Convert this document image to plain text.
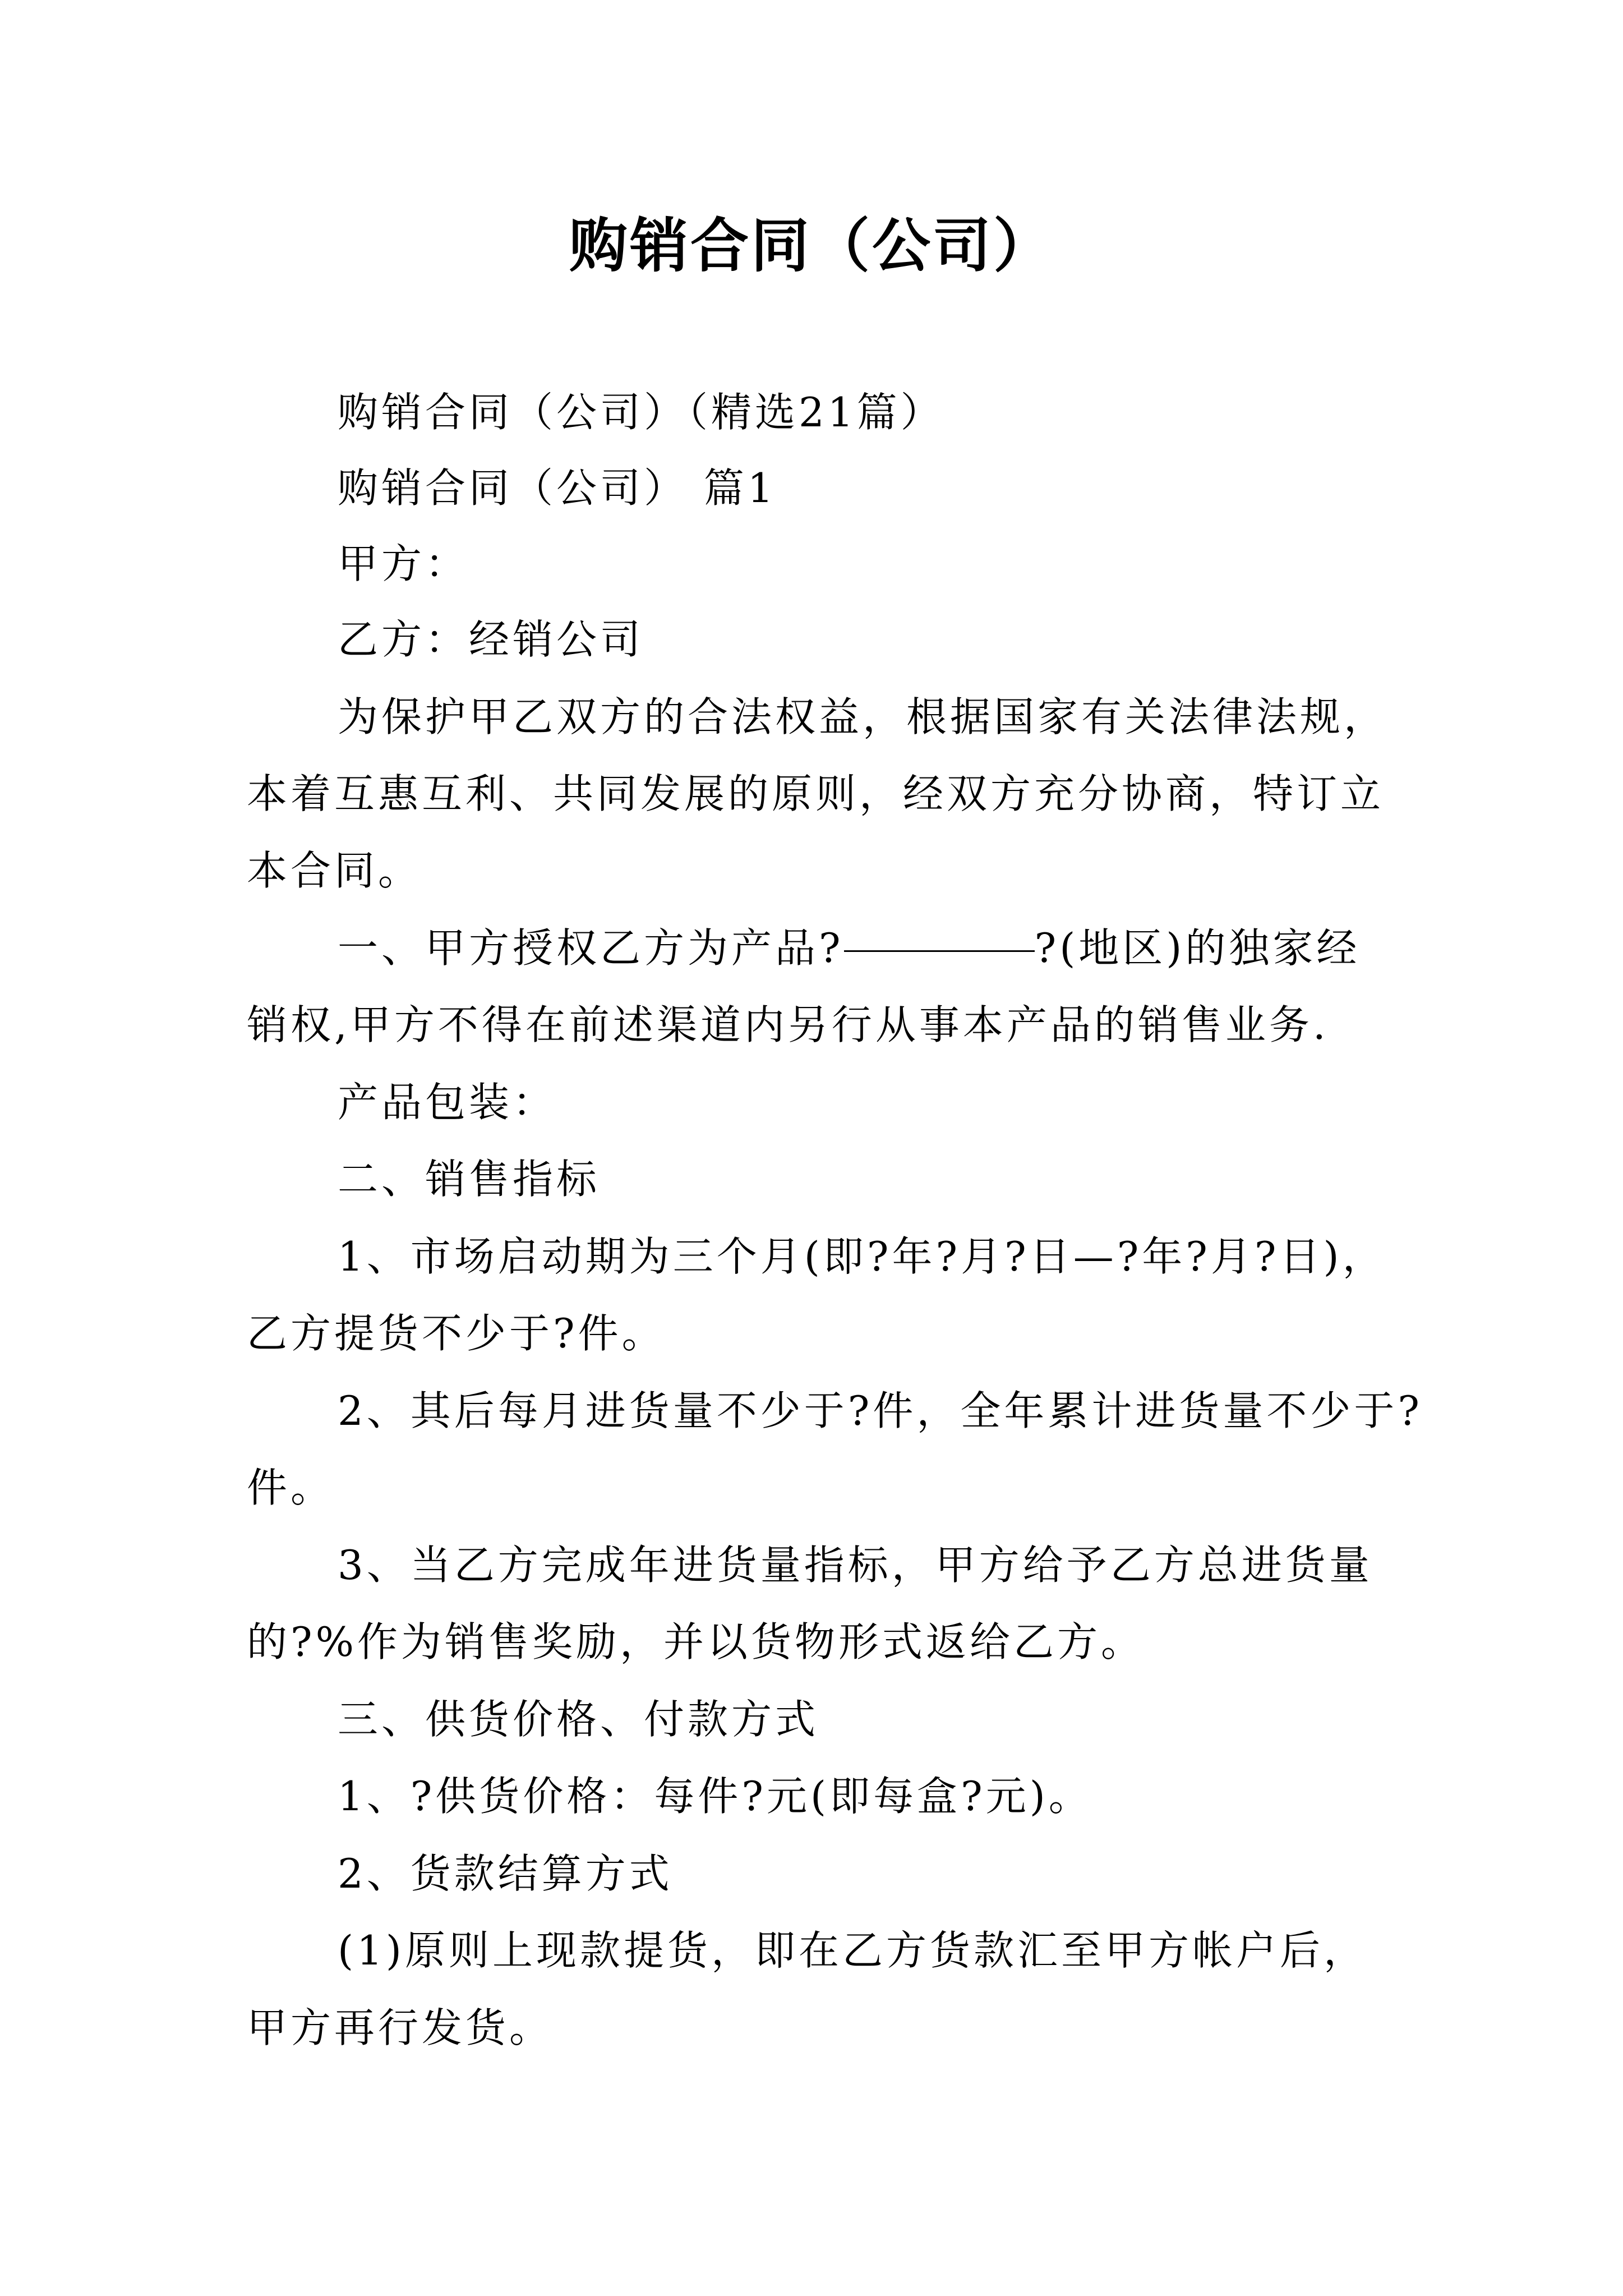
购销合同（公司）
购销合同（公司）（精选21篇）
购销合同（公司） 篇1
甲方：
乙方：经销公司
为保护甲乙双方的合法权益，根据国家有关法律法规，
本着互惠互利、共同发展的原则，经双方充分协商，特订立
本合同。
一、甲方授权乙方为产品?	?(地区)的独家经
销权,甲方不得在前述渠道内另行从事本产品的销售业务.
产品包装：
二、销售指标
1、市场启动期为三个月(即?年?月?日—?年?月?日)，
乙方提货不少于?件。
2、其后每月进货量不少于?件，全年累计进货量不少于?
件。
3、当乙方完成年进货量指标，甲方给予乙方总进货量
的?%作为销售奖励，并以货物形式返给乙方。
三、供货价格、付款方式
1、?供货价格：每件?元(即每盒?元)。
2、货款结算方式
(1)原则上现款提货，即在乙方货款汇至甲方帐户后，
甲方再行发货。
